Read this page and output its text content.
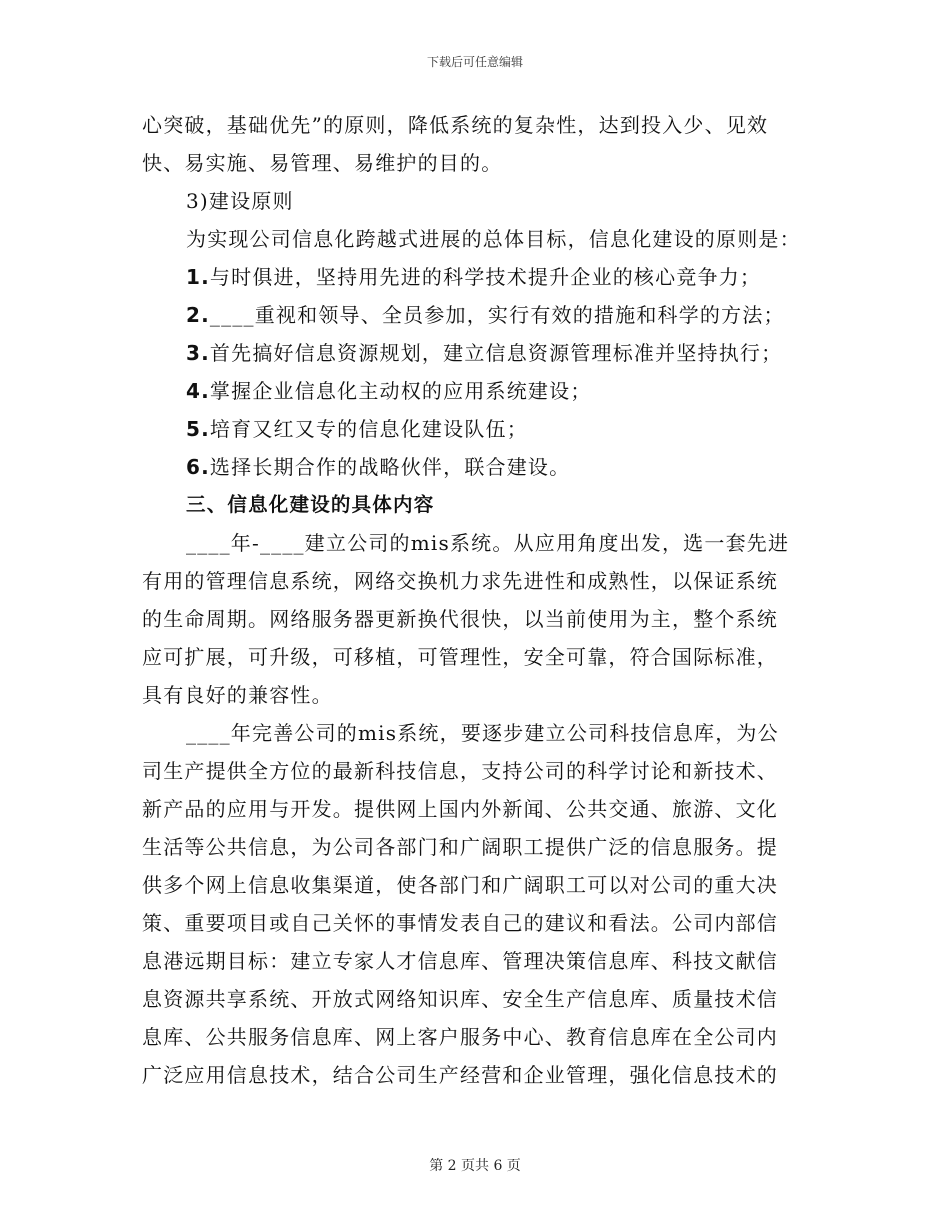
下载后可任意编辑
心突破，基础优先”的原则，降低系统的复杂性，达到投入少、见效
快、易实施、易管理、易维护的目的。
3)建设原则
为实现公司信息化跨越式进展的总体目标，信息化建设的原则是：
1.与时俱进，坚持用先进的科学技术提升企业的核心竞争力；
2.____重视和领导、全员参加，实行有效的措施和科学的方法；
3.首先搞好信息资源规划，建立信息资源管理标准并坚持执行；
4.掌握企业信息化主动权的应用系统建设；
5.培育又红又专的信息化建设队伍；
6.选择长期合作的战略伙伴，联合建设。
三、信息化建设的具体内容
____年-____建立公司的mis系统。从应用角度出发，选一套先进
有用的管理信息系统，网络交换机力求先进性和成熟性，以保证系统
的生命周期。网络服务器更新换代很快，以当前使用为主，整个系统
应可扩展，可升级，可移植，可管理性，安全可靠，符合国际标准，
具有良好的兼容性。
____年完善公司的mis系统，要逐步建立公司科技信息库，为公
司生产提供全方位的最新科技信息，支持公司的科学讨论和新技术、
新产品的应用与开发。提供网上国内外新闻、公共交通、旅游、文化
生活等公共信息，为公司各部门和广阔职工提供广泛的信息服务。提
供多个网上信息收集渠道，使各部门和广阔职工可以对公司的重大决
策、重要项目或自己关怀的事情发表自己的建议和看法。公司内部信
息港远期目标：建立专家人才信息库、管理决策信息库、科技文献信
息资源共享系统、开放式网络知识库、安全生产信息库、质量技术信
息库、公共服务信息库、网上客户服务中心、教育信息库在全公司内
广泛应用信息技术，结合公司生产经营和企业管理，强化信息技术的
第 2 页共 6 页
